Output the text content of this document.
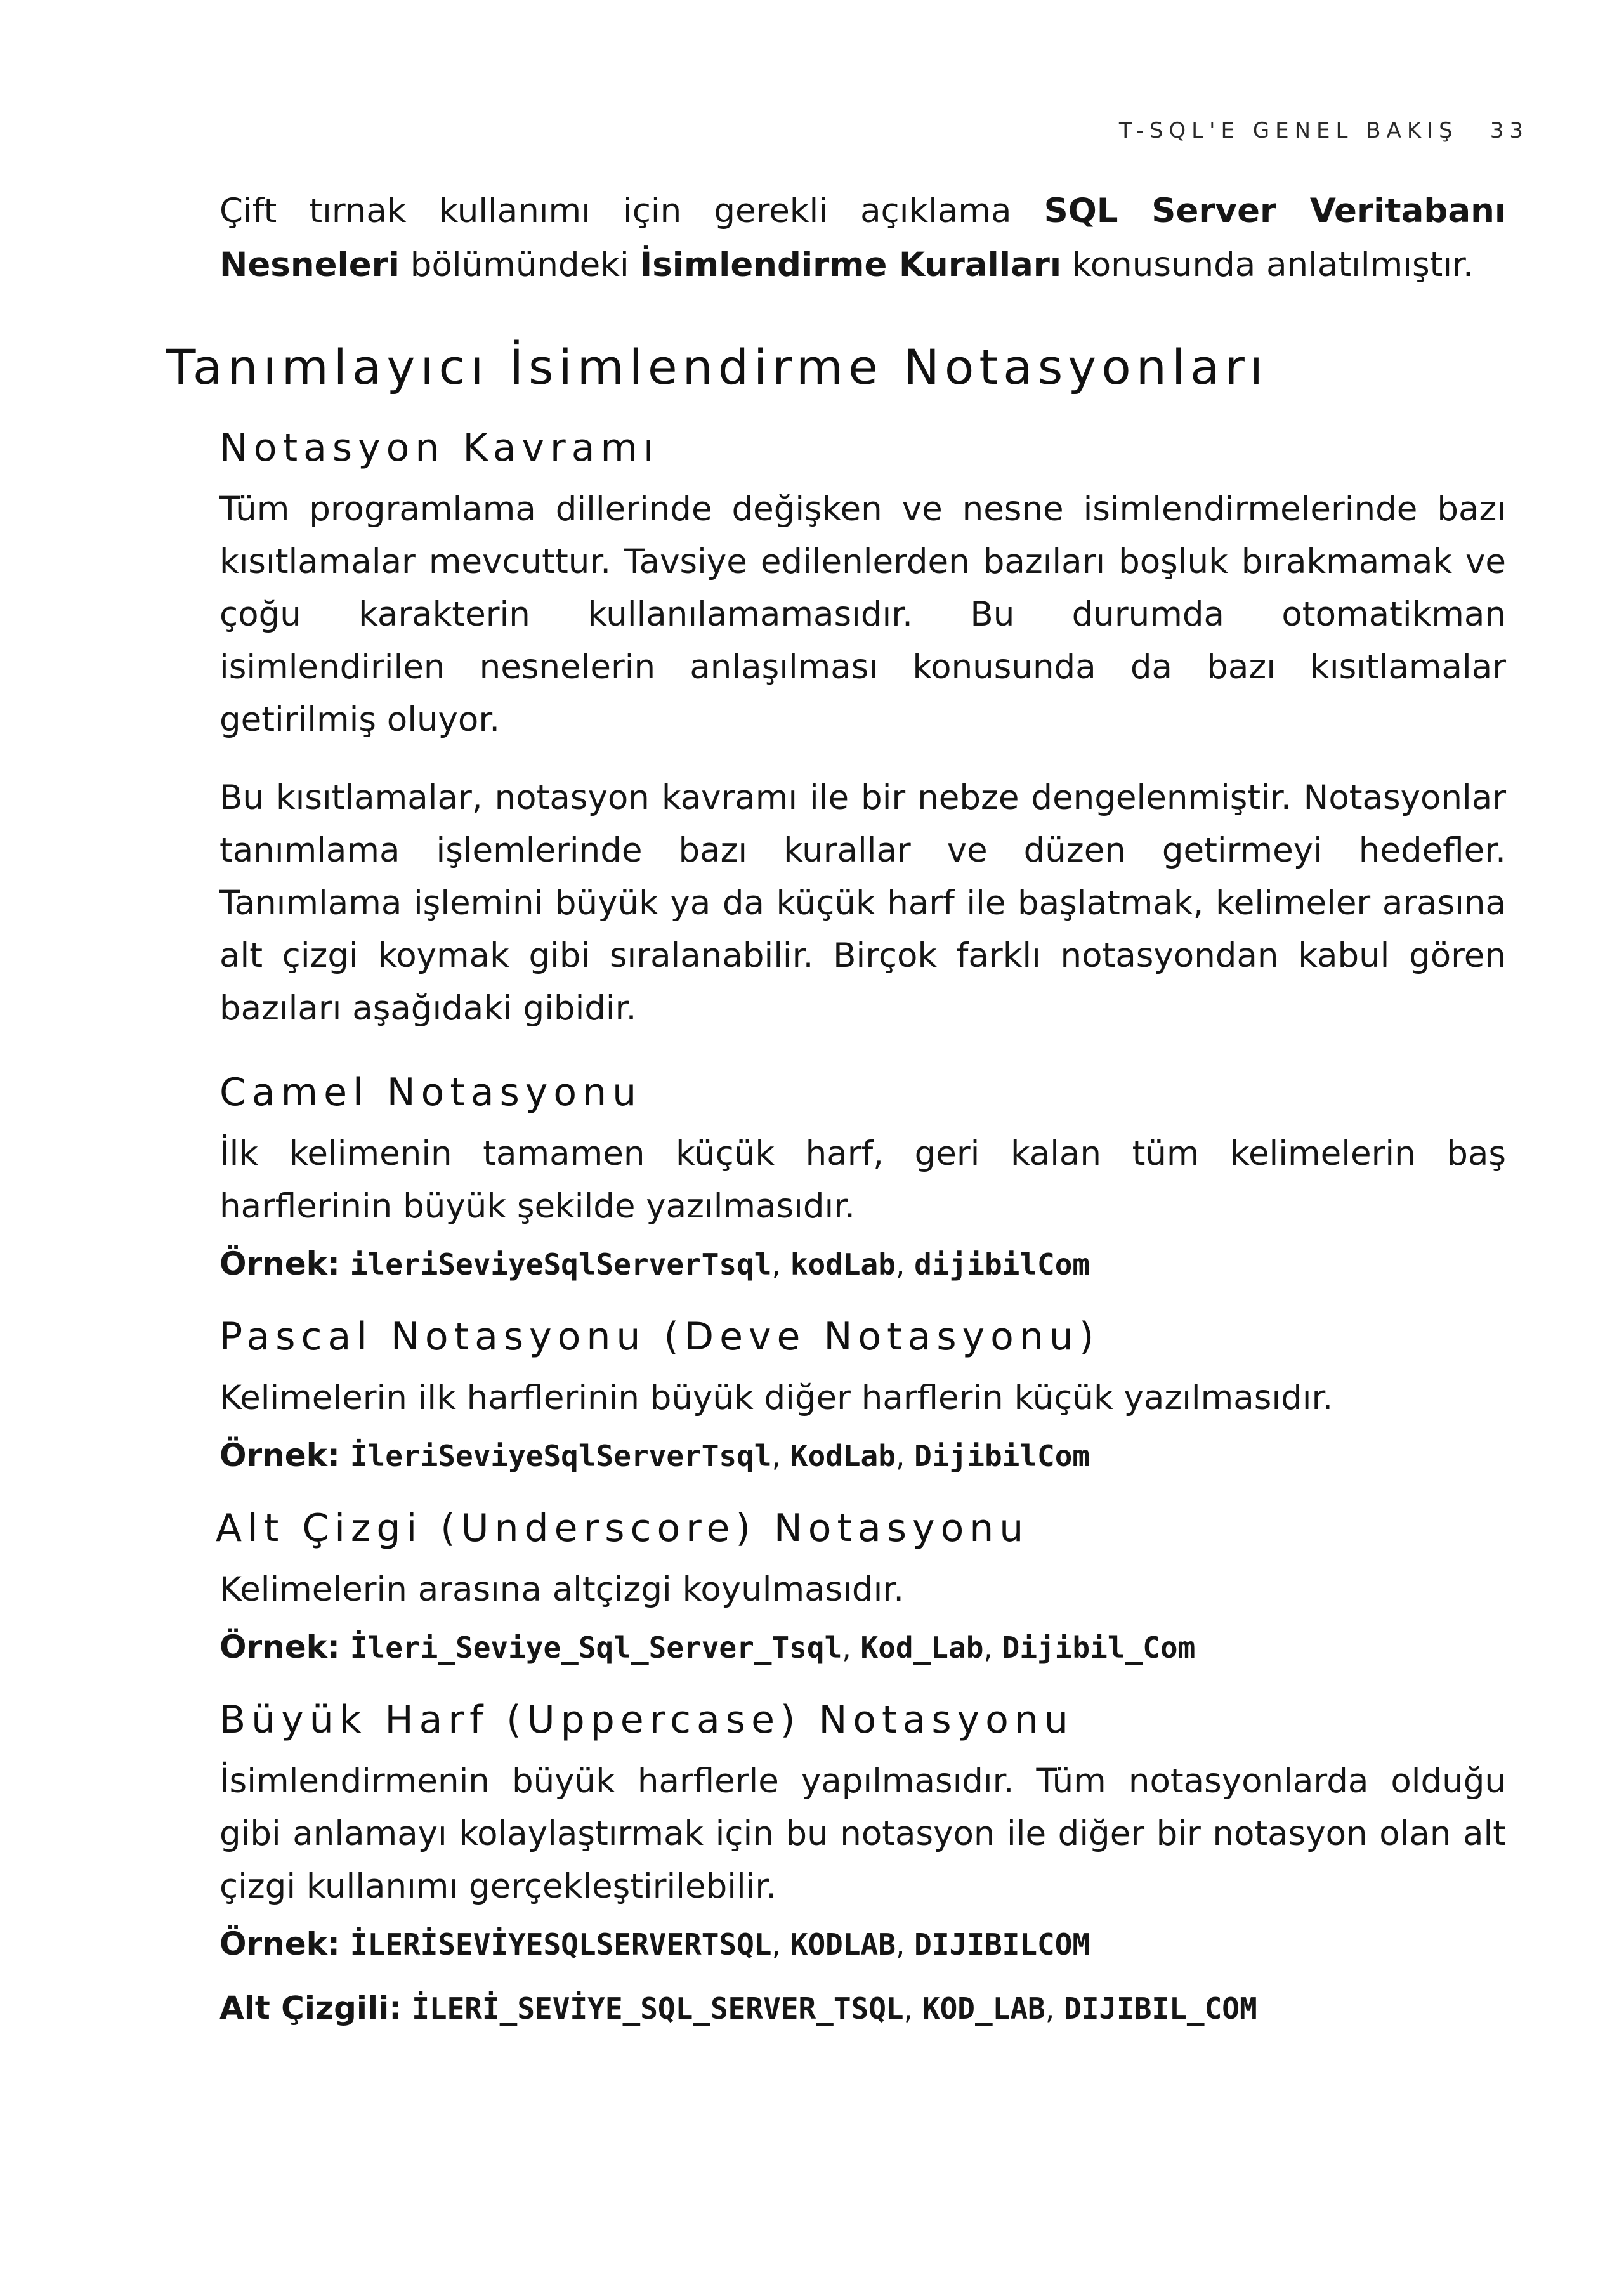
T-SQL'E GENEL BAKIŞ 33

Çift tırnak kullanımı için gerekli açıklama SQL Server Veritabanı Nesneleri bölümündeki İsimlendirme Kuralları konusunda anlatılmıştır.

Tanımlayıcı İsimlendirme Notasyonları
Notasyon Kavramı

Tüm programlama dillerinde değişken ve nesne isimlendirmelerinde bazı kısıtlamalar mevcuttur. Tavsiye edilenlerden bazıları boşluk bırakmamak ve çoğu karakterin kullanılamamasıdır. Bu durumda otomatikman isimlendirilen nesnelerin anlaşılması konusunda da bazı kısıtlamalar getirilmiş oluyor.

Bu kısıtlamalar, notasyon kavramı ile bir nebze dengelenmiştir. Notasyonlar tanımlama işlemlerinde bazı kurallar ve düzen getirmeyi hedefler. Tanımlama işlemini büyük ya da küçük harf ile başlatmak, kelimeler arasına alt çizgi koymak gibi sıralanabilir. Birçok farklı notasyondan kabul gören bazıları aşağıdaki gibidir.

Camel Notasyonu

İlk kelimenin tamamen küçük harf, geri kalan tüm kelimelerin baş harflerinin büyük şekilde yazılmasıdır.

Örnek: ileriSeviyeSqlServerTsql, kodLab, dijibilCom

Pascal Notasyonu (Deve Notasyonu)

Kelimelerin ilk harflerinin büyük diğer harflerin küçük yazılmasıdır.

Örnek: İleriSeviyeSqlServerTsql, KodLab, DijibilCom

Alt Çizgi (Underscore) Notasyonu

Kelimelerin arasına altçizgi koyulmasıdır.

Örnek: İleri_Seviye_Sql_Server_Tsql, Kod_Lab, Dijibil_Com

Büyük Harf (Uppercase) Notasyonu

İsimlendirmenin büyük harflerle yapılmasıdır. Tüm notasyonlarda olduğu gibi anlamayı kolaylaştırmak için bu notasyon ile diğer bir notasyon olan alt çizgi kullanımı gerçekleştirilebilir.

Örnek: İLERİSEVİYESQLSERVERTSQL, KODLAB, DIJIBILCOM

Alt Çizgili: İLERİ_SEVİYE_SQL_SERVER_TSQL, KOD_LAB, DIJIBIL_COM
